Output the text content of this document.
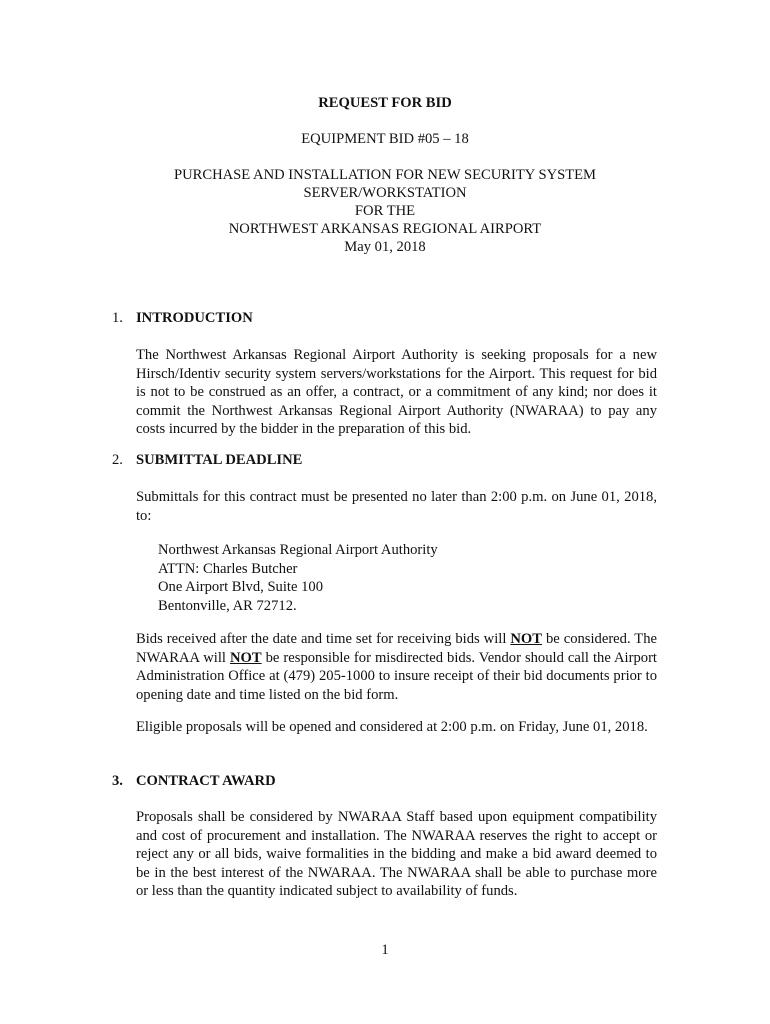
REQUEST FOR BID
EQUIPMENT BID #05 – 18
PURCHASE AND INSTALLATION FOR NEW SECURITY SYSTEM
SERVER/WORKSTATION
FOR THE
NORTHWEST ARKANSAS REGIONAL AIRPORT
May 01, 2018
1. INTRODUCTION
The Northwest Arkansas Regional Airport Authority is seeking proposals for a new Hirsch/Identiv security system servers/workstations for the Airport. This request for bid is not to be construed as an offer, a contract, or a commitment of any kind; nor does it commit the Northwest Arkansas Regional Airport Authority (NWARAA) to pay any costs incurred by the bidder in the preparation of this bid.
2. SUBMITTAL DEADLINE
Submittals for this contract must be presented no later than 2:00 p.m. on June 01, 2018, to:
Northwest Arkansas Regional Airport Authority
ATTN: Charles Butcher
One Airport Blvd, Suite 100
Bentonville, AR 72712.
Bids received after the date and time set for receiving bids will NOT be considered. The NWARAA will NOT be responsible for misdirected bids. Vendor should call the Airport Administration Office at (479) 205-1000 to insure receipt of their bid documents prior to opening date and time listed on the bid form.
Eligible proposals will be opened and considered at 2:00 p.m. on Friday, June 01, 2018.
3. CONTRACT AWARD
Proposals shall be considered by NWARAA Staff based upon equipment compatibility and cost of procurement and installation. The NWARAA reserves the right to accept or reject any or all bids, waive formalities in the bidding and make a bid award deemed to be in the best interest of the NWARAA. The NWARAA shall be able to purchase more or less than the quantity indicated subject to availability of funds.
1
